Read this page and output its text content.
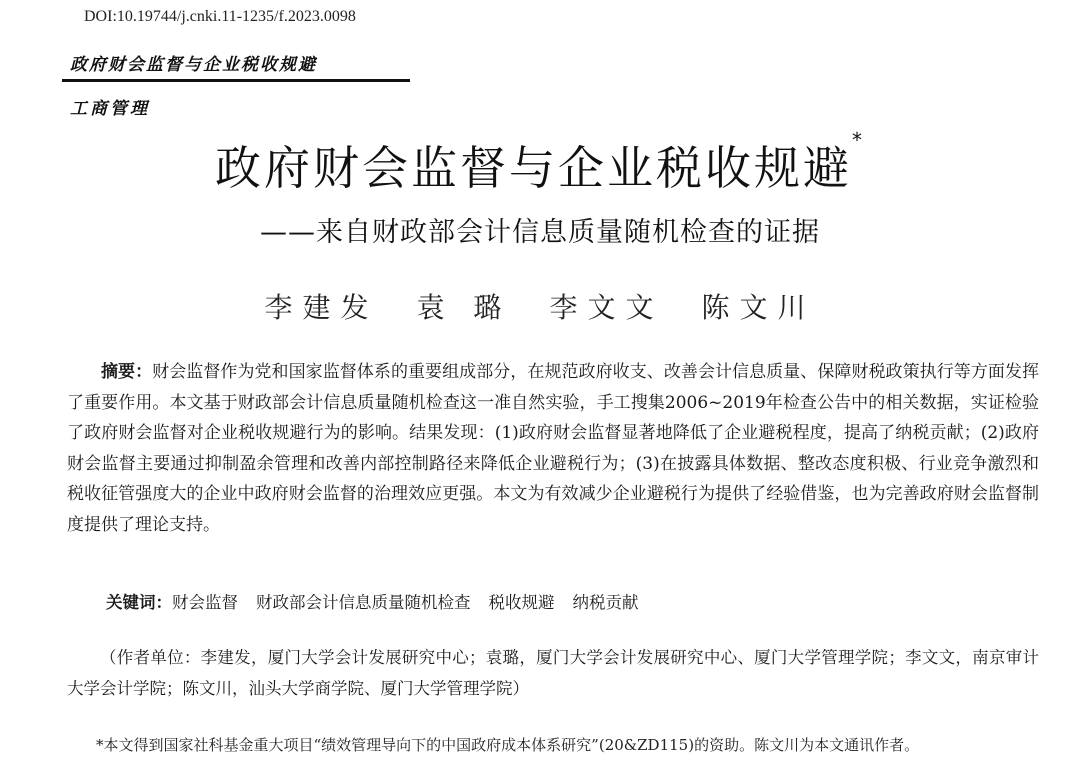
DOI:10.19744/j.cnki.11-1235/f.2023.0098
政府财会监督与企业税收规避
工商管理
政府财会监督与企业税收规避*
——来自财政部会计信息质量随机检查的证据
李建发 袁 璐 李文文 陈文川

摘要：财会监督作为党和国家监督体系的重要组成部分，在规范政府收支、改善会计信息质量、保障财税政策执行等方面发挥了重要作用。本文基于财政部会计信息质量随机检查这一准自然实验，手工搜集2006~2019年检查公告中的相关数据，实证检验了政府财会监督对企业税收规避行为的影响。结果发现：(1)政府财会监督显著地降低了企业避税程度，提高了纳税贡献；(2)政府财会监督主要通过抑制盈余管理和改善内部控制路径来降低企业避税行为；(3)在披露具体数据、整改态度积极、行业竞争激烈和税收征管强度大的企业中政府财会监督的治理效应更强。本文为有效减少企业避税行为提供了经验借鉴，也为完善政府财会监督制度提供了理论支持。

关键词：财会监督 财政部会计信息质量随机检查 税收规避 纳税贡献

（作者单位：李建发，厦门大学会计发展研究中心；袁璐，厦门大学会计发展研究中心、厦门大学管理学院；李文文，南京审计大学会计学院；陈文川，汕头大学商学院、厦门大学管理学院）

*本文得到国家社科基金重大项目“绩效管理导向下的中国政府成本体系研究”(20&ZD115)的资助。陈文川为本文通讯作者。
